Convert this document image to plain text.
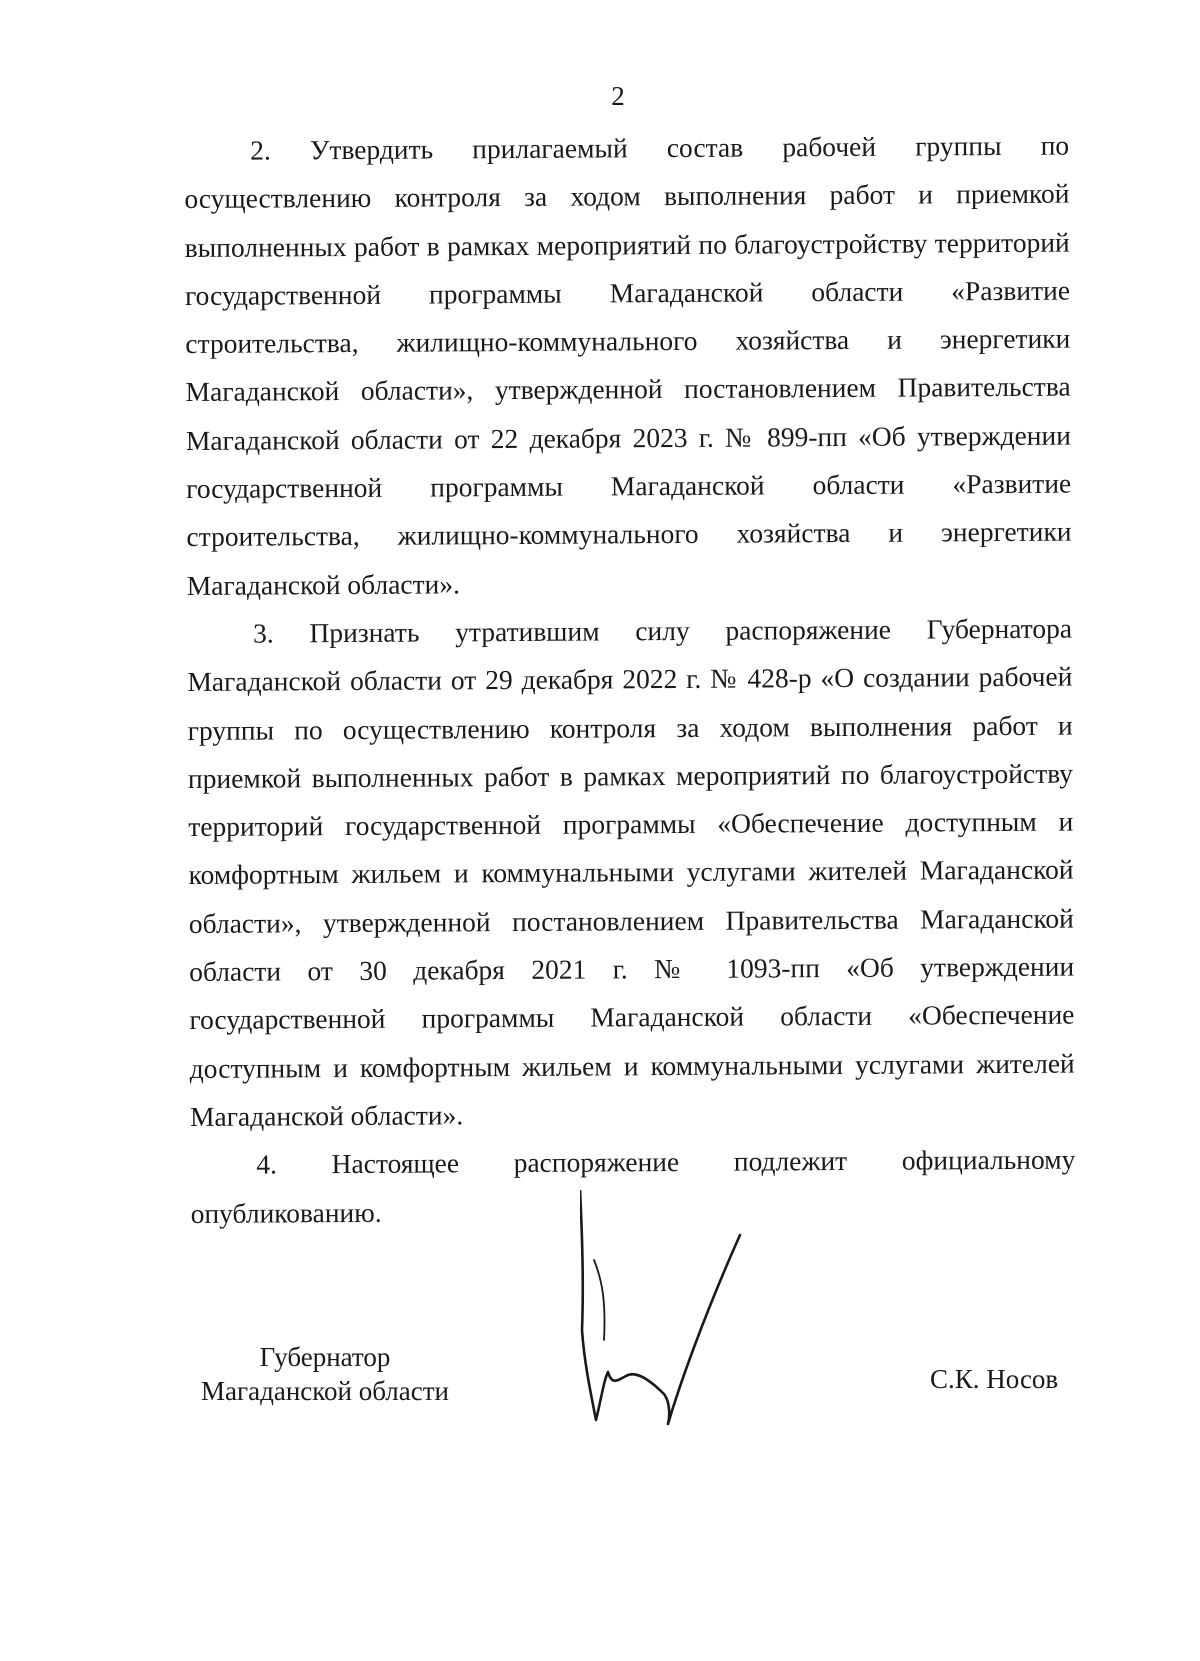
2

2. Утвердить прилагаемый состав рабочей группы по осуществлению контроля за ходом выполнения работ и приемкой выполненных работ в рамках мероприятий по благоустройству территорий государственной программы Магаданской области «Развитие строительства, жилищно-коммунального хозяйства и энергетики Магаданской области», утвержденной постановлением Правительства Магаданской области от 22 декабря 2023 г. № 899-пп «Об утверждении государственной программы Магаданской области «Развитие строительства, жилищно-коммунального хозяйства и энергетики Магаданской области».

3. Признать утратившим силу распоряжение Губернатора Магаданской области от 29 декабря 2022 г. № 428-р «О создании рабочей группы по осуществлению контроля за ходом выполнения работ и приемкой выполненных работ в рамках мероприятий по благоустройству территорий государственной программы «Обеспечение доступным и комфортным жильем и коммунальными услугами жителей Магаданской области», утвержденной постановлением Правительства Магаданской области от 30 декабря 2021 г. № 1093-пп «Об утверждении государственной программы Магаданской области «Обеспечение доступным и комфортным жильем и коммунальными услугами жителей Магаданской области».

4. Настоящее распоряжение подлежит официальному опубликованию.

Губернатор
Магаданской области	С.К. Носов
